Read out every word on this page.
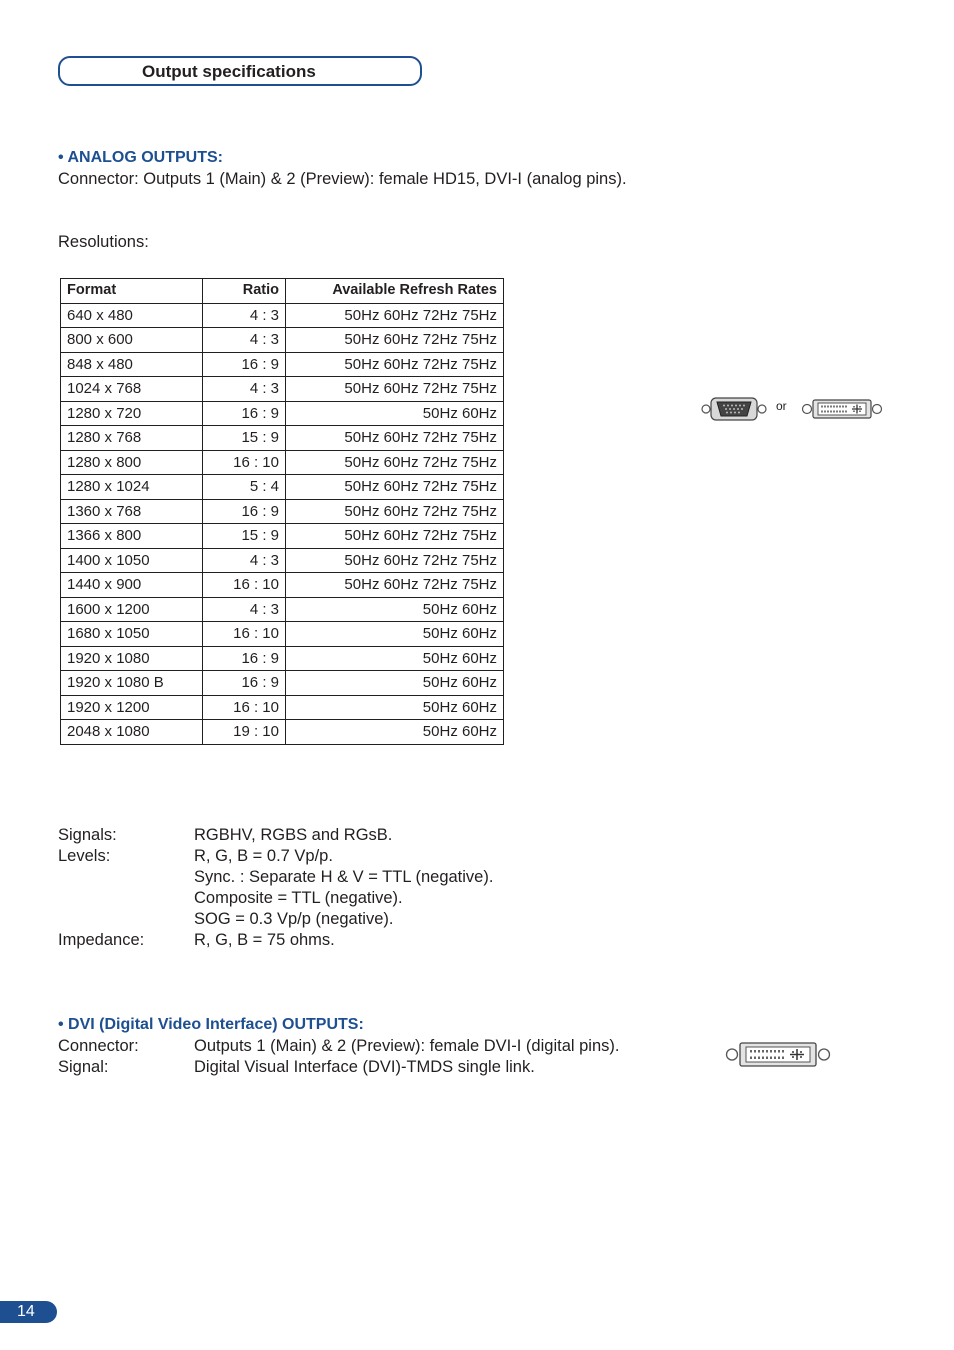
Output specifications
• ANALOG OUTPUTS:
Connector: Outputs 1 (Main) & 2 (Preview): female HD15, DVI-I (analog pins).
Resolutions:
Format	Ratio	Available Refresh Rates
640 x 480	4 : 3	50Hz 60Hz 72Hz 75Hz
800 x 600	4 : 3	50Hz 60Hz 72Hz 75Hz
848 x 480	16 : 9	50Hz 60Hz 72Hz 75Hz
1024 x 768	4 : 3	50Hz 60Hz 72Hz 75Hz
1280 x 720	16 : 9	50Hz 60Hz
1280 x 768	15 : 9	50Hz 60Hz 72Hz 75Hz
1280 x 800	16 : 10	50Hz 60Hz 72Hz 75Hz
1280 x 1024	5 : 4	50Hz 60Hz 72Hz 75Hz
1360 x 768	16 : 9	50Hz 60Hz 72Hz 75Hz
1366 x 800	15 : 9	50Hz 60Hz 72Hz 75Hz
1400 x 1050	4 : 3	50Hz 60Hz 72Hz 75Hz
1440 x 900	16 : 10	50Hz 60Hz 72Hz 75Hz
1600 x 1200	4 : 3	50Hz 60Hz
1680 x 1050	16 : 10	50Hz 60Hz
1920 x 1080	16 : 9	50Hz 60Hz
1920 x 1080 B	16 : 9	50Hz 60Hz
1920 x 1200	16 : 10	50Hz 60Hz
2048 x 1080	19 : 10	50Hz 60Hz
or
Signals:	RGBHV, RGBS and RGsB.
Levels:	R, G, B = 0.7 Vp/p.
Sync. : Separate H & V = TTL (negative).
Composite = TTL (negative).
SOG = 0.3 Vp/p (negative).
Impedance:	R, G, B = 75 ohms.
• DVI (Digital Video Interface) OUTPUTS:
Connector:	Outputs 1 (Main) & 2 (Preview): female DVI-I (digital pins).
Signal:	Digital Visual Interface (DVI)-TMDS single link.
14
